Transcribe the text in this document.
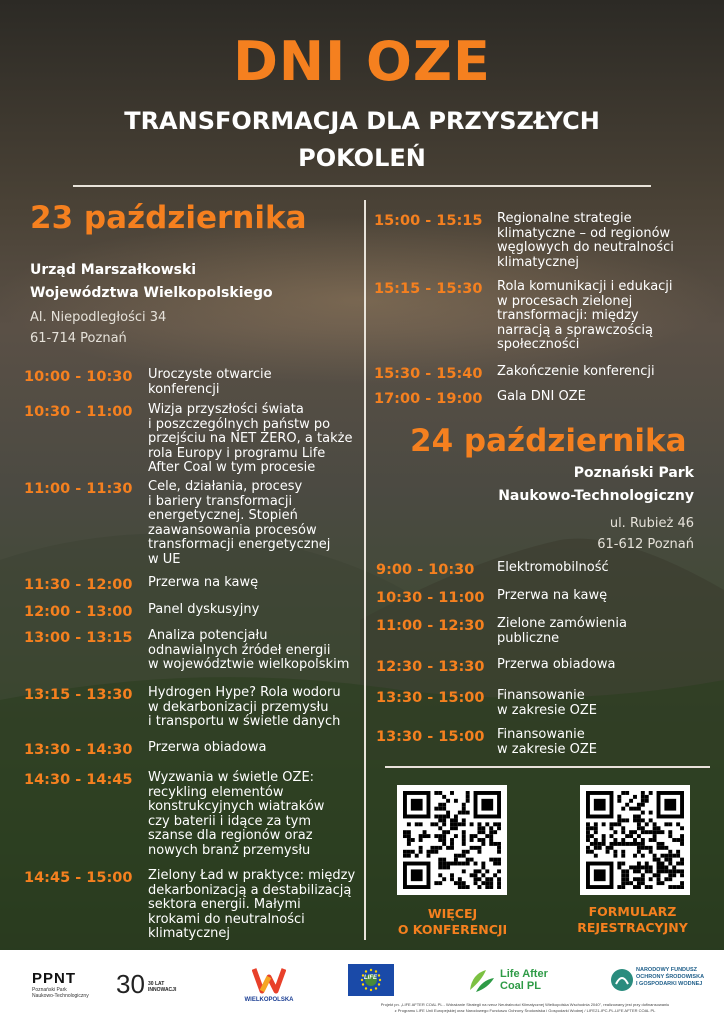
DNI OZE
TRANSFORMACJA DLA PRZYSZŁYCH
POKOLEŃ
23 października
Urząd Marszałkowski
Województwa Wielkopolskiego
Al. Niepodległości 34
61-714 Poznań
10:00 - 10:30 Uroczyste otwarcie
konferencji
10:30 - 11:00 Wizja przyszłości świata
i poszczególnych państw po
przejściu na NET ZERO, a także
rola Europy i programu Life
After Coal w tym procesie
11:00 - 11:30 Cele, działania, procesy
i bariery transformacji
energetycznej. Stopień
zaawansowania procesów
transformacji energetycznej
w UE
11:30 - 12:00 Przerwa na kawę
12:00 - 13:00 Panel dyskusyjny
13:00 - 13:15 Analiza potencjału
odnawialnych źródeł energii
w województwie wielkopolskim
13:15 - 13:30 Hydrogen Hype? Rola wodoru
w dekarbonizacji przemysłu
i transportu w świetle danych
13:30 - 14:30 Przerwa obiadowa
14:30 - 14:45 Wyzwania w świetle OZE:
recykling elementów
konstrukcyjnych wiatraków
czy baterii i idące za tym
szanse dla regionów oraz
nowych branż przemysłu
14:45 - 15:00 Zielony Ład w praktyce: między
dekarbonizacją a destabilizacją
sektora energii. Małymi
krokami do neutralności
klimatycznej
15:00 - 15:15 Regionalne strategie
klimatyczne – od regionów
węglowych do neutralności
klimatycznej
15:15 - 15:30 Rola komunikacji i edukacji
w procesach zielonej
transformacji: między
narracją a sprawczością
społeczności
15:30 - 15:40 Zakończenie konferencji
17:00 - 19:00 Gala DNI OZE
24 października
Poznański Park
Naukowo-Technologiczny
ul. Rubież 46
61-612 Poznań
9:00 - 10:30 Elektromobilność
10:30 - 11:00 Przerwa na kawę
11:00 - 12:30 Zielone zamówienia
publiczne
12:30 - 13:30 Przerwa obiadowa
13:30 - 15:00 Finansowanie
w zakresie OZE
13:30 - 15:00 Finansowanie
w zakresie OZE
WIĘCEJ
O KONFERENCJI
FORMULARZ
REJESTRACYJNY
PPNT
Poznański Park
Naukowo-Technologiczny 30 30 LAT
INNOWACJI
WIELKOPOLSKA
LIFE	Life After
Coal PL
NARODOWY FUNDUSZ
OCHRONY ŚRODOWISKA
I GOSPODARKI WODNEJ
Projekt pn. „LIFE AFTER COAL PL - Wdrażanie Strategii na rzecz Neutralności Klimatycznej Wielkopolska Wschodnia 2040", realizowany jest przy dofinansowaniu
z Programu LIFE Unii Europejskiej oraz Narodowego Funduszu Ochrony Środowiska i Gospodarki Wodnej / LIFE21-IPC-PL-LIFE AFTER COAL PL
